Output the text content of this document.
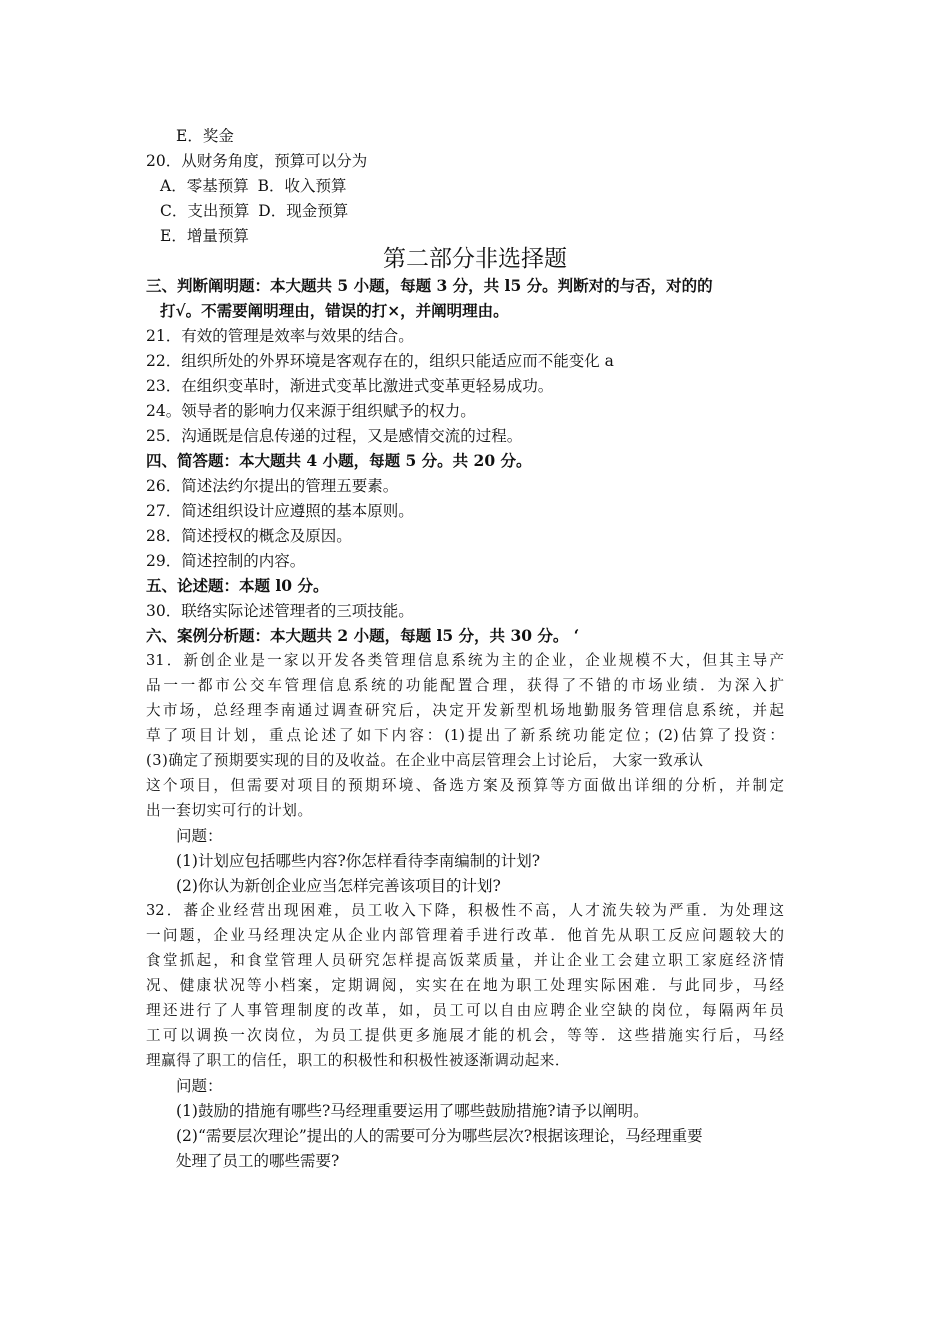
E．奖金
20．从财务角度，预算可以分为
A．零基预算 B．收入预算
C．支出预算 D．现金预算
E．增量预算
第二部分非选择题
三、判断阐明题：本大题共 5 小题，每题 3 分，共 l5 分。判断对的与否，对的的
打√。不需要阐明理由，错误的打×，并阐明理由。
21．有效的管理是效率与效果的结合。
22．组织所处的外界环境是客观存在的，组织只能适应而不能变化 a
23．在组织变革时，渐进式变革比激进式变革更轻易成功。
24。领导者的影响力仅来源于组织赋予的权力。
25．沟通既是信息传递的过程，又是感情交流的过程。
四、简答题：本大题共 4 小题，每题 5 分。共 20 分。
26．简述法约尔提出的管理五要素。
27．简述组织设计应遵照的基本原则。
28．简述授权的概念及原因。
29．简述控制的内容。
五、论述题：本题 l0 分。
30．联络实际论述管理者的三项技能。
六、案例分析题：本大题共 2 小题，每题 l5 分，共 30 分。 ‘
31．新创企业是一家以开发各类管理信息系统为主的企业，企业规模不大，但其主导产
品一一都市公交车管理信息系统的功能配置合理，获得了不错的市场业绩．为深入扩
大市场，总经理李南通过调查研究后，决定开发新型机场地勤服务管理信息系统，并起
草了项目计划，重点论述了如下内容：(1)提出了新系统功能定位；(2)估算了投资：
(3)确定了预期要实现的目的及收益。在企业中高层管理会上讨论后， 大家一致承认
这个项目，但需要对项目的预期环境、备选方案及预算等方面做出详细的分析，并制定
出一套切实可行的计划。
问题：
(1)计划应包括哪些内容?你怎样看待李南编制的计划?
(2)你认为新创企业应当怎样完善该项目的计划?
32．蕃企业经营出现困难，员工收入下降，积极性不高，人才流失较为严重．为处理这
一问题，企业马经理决定从企业内部管理着手进行改革．他首先从职工反应问题较大的
食堂抓起，和食堂管理人员研究怎样提高饭菜质量，并让企业工会建立职工家庭经济情
况、健康状况等小档案，定期调阅，实实在在地为职工处理实际困难．与此同步，马经
理还进行了人事管理制度的改革，如，员工可以自由应聘企业空缺的岗位，每隔两年员
工可以调换一次岗位，为员工提供更多施展才能的机会，等等．这些措施实行后，马经
理赢得了职工的信任，职工的积极性和积极性被逐渐调动起来．
问题：
(1)鼓励的措施有哪些?马经理重要运用了哪些鼓励措施?请予以阐明。
(2)“需要层次理论”提出的人的需要可分为哪些层次?根据该理论，马经理重要
处理了员工的哪些需要?
